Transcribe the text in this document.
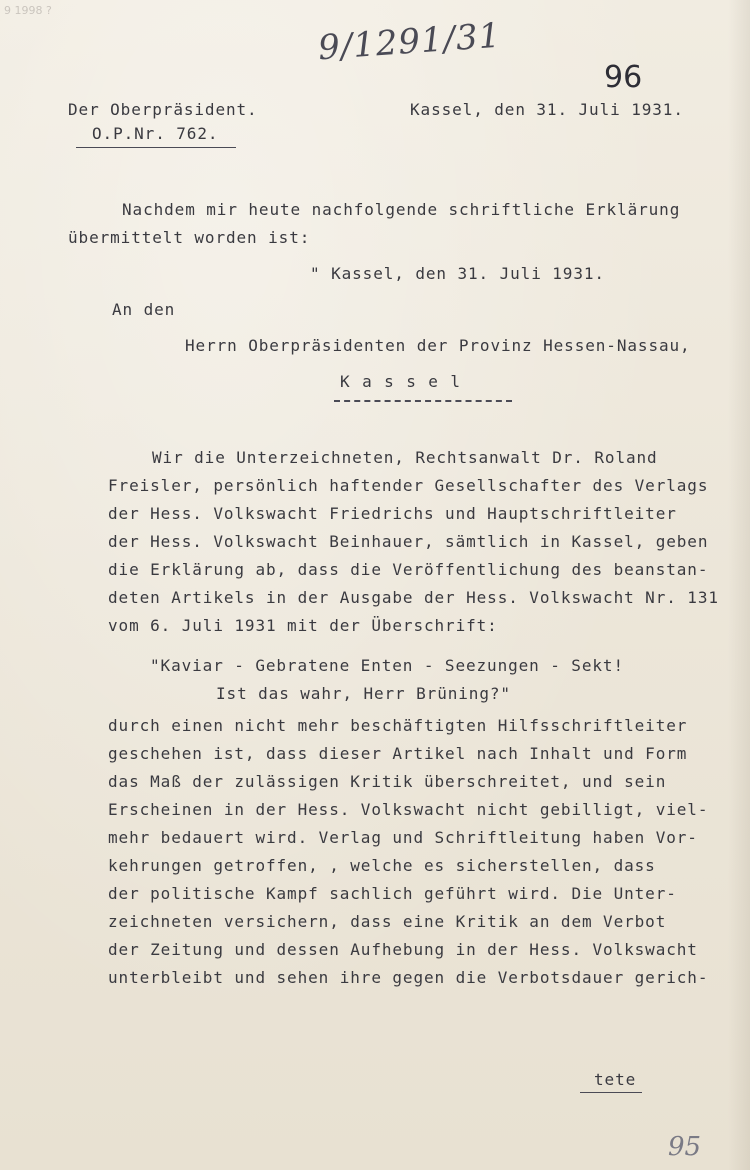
9 1998 ?
9/1291/31
96
Der Oberpräsident.	Kassel, den 31. Juli 1931.
O.P.Nr. 762.
Nachdem mir heute nachfolgende schriftliche Erklärung
übermittelt worden ist:
" Kassel, den 31. Juli 1931.
An den
Herrn Oberpräsidenten der Provinz Hessen-Nassau,
K a s s e l
Wir die Unterzeichneten, Rechtsanwalt Dr. Roland
Freisler, persönlich haftender Gesellschafter des Verlags
der Hess. Volkswacht Friedrichs und Hauptschriftleiter
der Hess. Volkswacht Beinhauer, sämtlich in Kassel, geben
die Erklärung ab, dass die Veröffentlichung des beanstan-
deten Artikels in der Ausgabe der Hess. Volkswacht Nr. 131
vom 6. Juli 1931 mit der Überschrift:
"Kaviar - Gebratene Enten - Seezungen - Sekt!
Ist das wahr, Herr Brüning?"
durch einen nicht mehr beschäftigten Hilfsschriftleiter
geschehen ist, dass dieser Artikel nach Inhalt und Form
das Maß der zulässigen Kritik überschreitet, und sein
Erscheinen in der Hess. Volkswacht nicht gebilligt, viel-
mehr bedauert wird. Verlag und Schriftleitung haben Vor-
kehrungen getroffen, , welche es sicherstellen, dass
der politische Kampf sachlich geführt wird. Die Unter-
zeichneten versichern, dass eine Kritik an dem Verbot
der Zeitung und dessen Aufhebung in der Hess. Volkswacht
unterbleibt und sehen ihre gegen die Verbotsdauer gerich-
tete
95
